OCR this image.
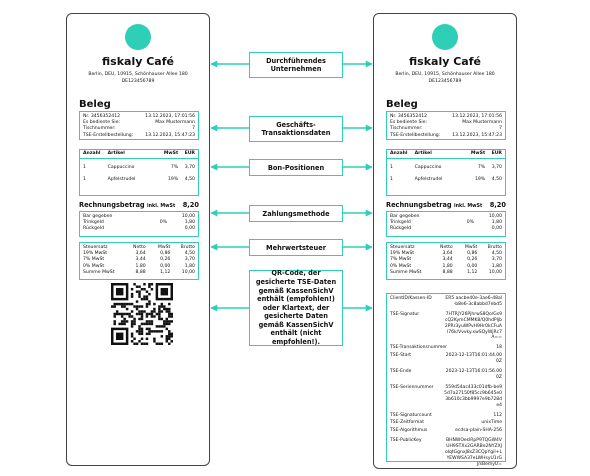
fiskaly Café
Berlin, DEU, 10915, Schönhauser Allee 180
DE123456789
Beleg
Nr. 3456352412	13.12.2023, 17:01:56
Es bediente Sie:	Max Mustermann
Tischnummer:	7
TSE-Erstellbestellung:	13.12.2023, 15:47:23
Anzahl	Artikel	MwSt	EUR
1	Cappuccino	7%	3,70
1	Apfelstrudel	19%	4,50
Rechnungsbetrag inkl. MwSt 8,20
Bar gegeben	10,00
Trinkgeld	0%	1,80
Rückgeld	0,00
Steuersatz	Netto	MwSt	Brutto
19% MwSt	3,64	0,86	4,50
7% MwSt	3,44	0,26	3,70
0% MwSt	1,80	0,00	1,80
Summe MwSt	8,88	1,12	10,00
fiskaly Café
Berlin, DEU, 10915, Schönhauser Allee 180
DE123456789
Beleg
Nr. 3456352412	13.12.2023, 17:01:56
Es bediente Sie:	Max Mustermann
Tischnummer:	7
TSE-Erstellbestellung:	13.12.2023, 15:47:23
Anzahl	Artikel	MwSt	EUR
1	Cappuccino	7%	3,70
1	Apfelstrudel	19%	4,50
Rechnungsbetrag inkl. MwSt 8,20
Bar gegeben	10,00
Trinkgeld	0%	1,80
Rückgeld	0,00
Steuersatz	Netto	MwSt	Brutto
19% MwSt	3,64	0,86	4,50
7% MwSt	3,44	0,26	3,70
0% MwSt	1,80	0,00	1,80
Summe MwSt	8,88	1,12	10,00
ClientID/Kassen-ID	ER5 aacbe40e-3ae6-48al-b8e6-3c8abbd7ebd5
TSE-Signatur	7HTRjY26PjhrwS8Qo/Gs9cQ2KymCMMK8/Q0hdPljb2PRr3yuWPvH9Hr0kCFuAl76k/Vvvky.xwSQyWjRc7A==
TSE-Transaktionsnummer	18
TSE-Start	2023-12-13T16:01:44.000Z
TSE-Ende	2023-12-13T16:01:56.000Z
TSE-Seriennummer	559d54ac433c01dfb-be95d7a27150f85cc9b645e03b610c3bb9997e9b728de4
TSE-Signaturcount	112
TSE-Zeitformat	unixTime
TSE-Algorithmus	ecdsa-plain-SHA-256
TSE-PublicKey	BHNWOeslRpP9TQGW4VUH9STXx2GARBe2NYZXJoIqtGgnxJ8sZ3CQpYgiI+LYEWWSA37eLWHsyU1rGJ/sBemyU=
Durchführendes Unternehmen
Geschäfts-Transaktionsdaten
Bon-Positionen
Zahlungsmethode
Mehrwertsteuer
QR-Code, der gesicherte TSE-Daten gemäß KassenSichV enthält (empfohlen!) oder Klartext, der gesicherte Daten gemäß KassenSichV enthält (nicht empfohlen!).
